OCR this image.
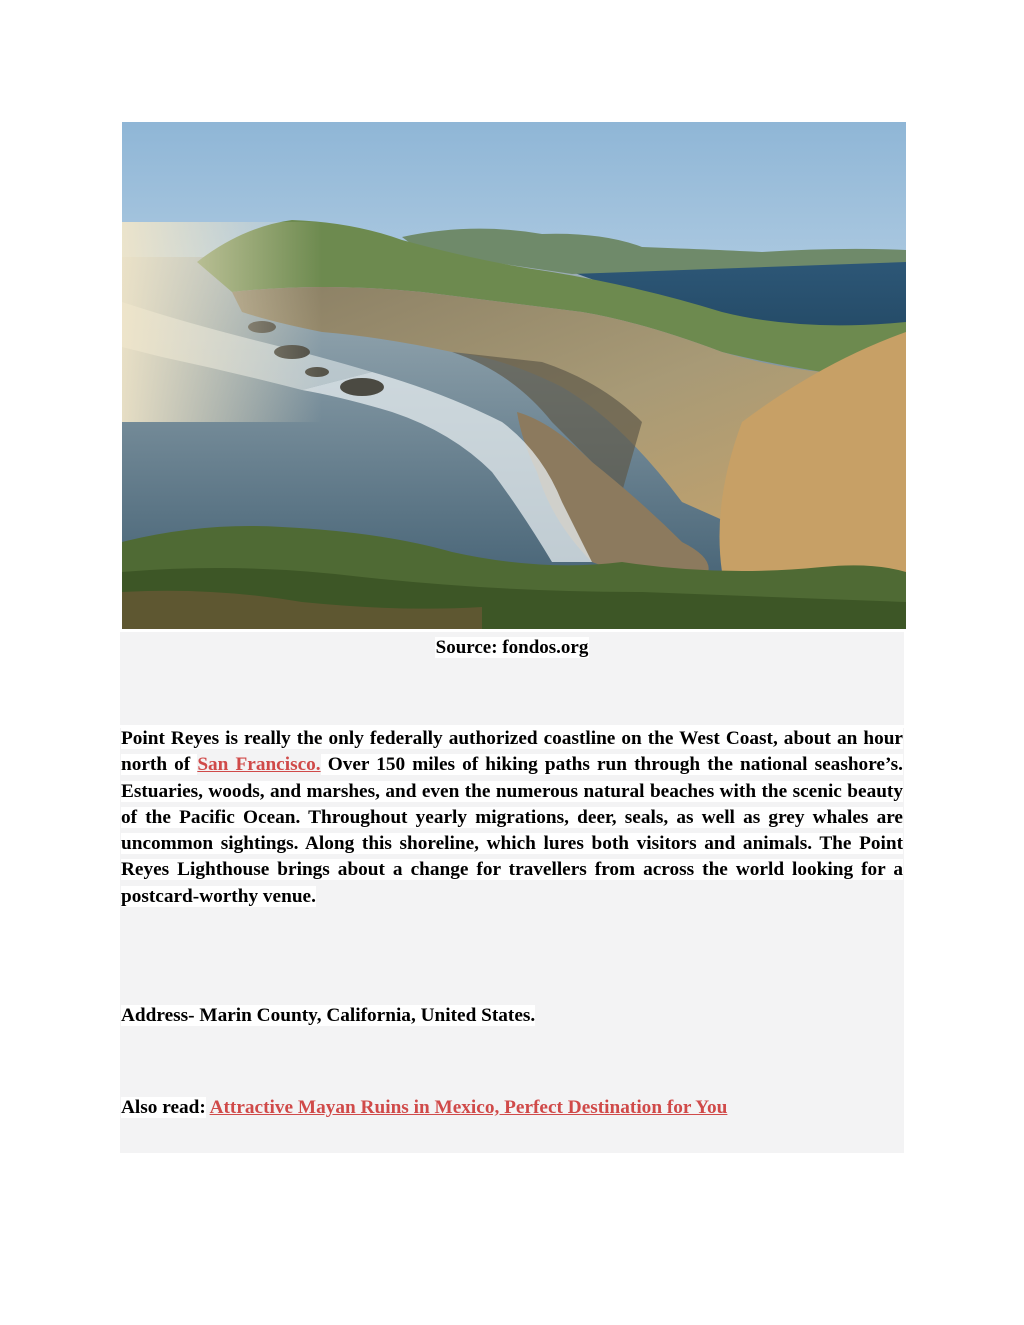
Source: fondos.org
Point Reyes is really the only federally authorized coastline on the West Coast, about an hour north of San Francisco. Over 150 miles of hiking paths run through the national seashore’s. Estuaries, woods, and marshes, and even the numerous natural beaches with the scenic beauty of the Pacific Ocean. Throughout yearly migrations, deer, seals, as well as grey whales are uncommon sightings. Along this shoreline, which lures both visitors and animals. The Point Reyes Lighthouse brings about a change for travellers from across the world looking for a postcard-worthy venue.
Address- Marin County, California, United States.
Also read: Attractive Mayan Ruins in Mexico, Perfect Destination for You
